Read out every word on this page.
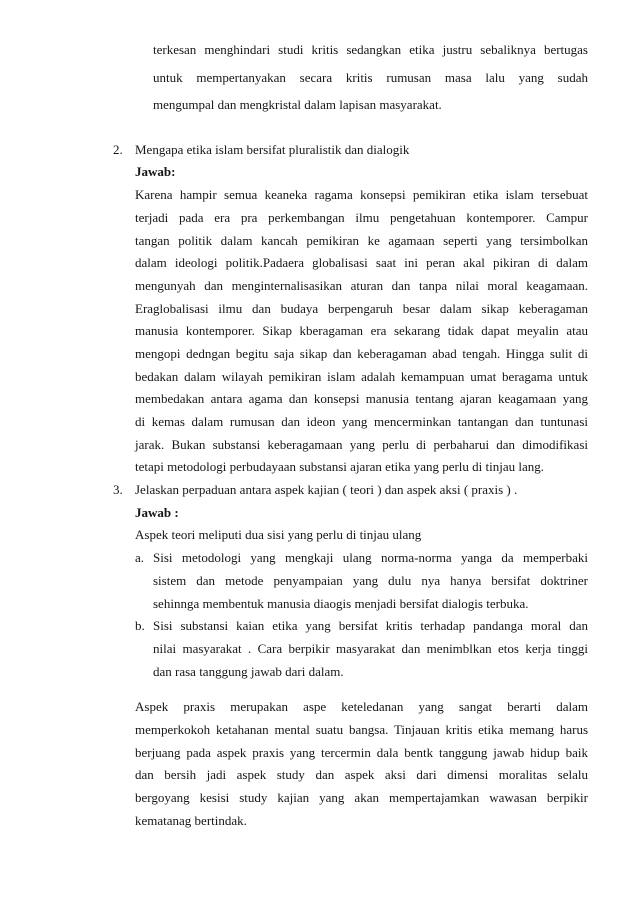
terkesan menghindari studi kritis sedangkan etika justru sebaliknya bertugas
untuk mempertanyakan secara kritis rumusan masa lalu yang sudah
mengumpal dan mengkristal dalam lapisan masyarakat.
2. Mengapa etika islam bersifat pluralistik dan dialogik
Jawab:
Karena hampir semua keaneka ragama konsepsi pemikiran etika islam tersebuat
terjadi pada era pra perkembangan ilmu pengetahuan kontemporer. Campur
tangan politik dalam kancah pemikiran ke agamaan seperti yang tersimbolkan
dalam ideologi politik.Padaera globalisasi saat ini peran akal pikiran di dalam
mengunyah dan menginternalisasikan aturan dan tanpa nilai moral keagamaan.
Eraglobalisasi ilmu dan budaya berpengaruh besar dalam sikap keberagaman
manusia kontemporer. Sikap kberagaman era sekarang tidak dapat meyalin atau
mengopi dedngan begitu saja sikap dan keberagaman abad tengah. Hingga sulit di
bedakan dalam wilayah pemikiran islam adalah kemampuan umat beragama untuk
membedakan antara agama dan konsepsi manusia tentang ajaran keagamaan yang
di kemas dalam rumusan dan ideon yang mencerminkan tantangan dan tuntunasi
jarak. Bukan substansi keberagamaan yang perlu di perbaharui dan dimodifikasi
tetapi metodologi perbudayaan substansi ajaran etika yang perlu di tinjau lang.
3. Jelaskan perpaduan antara aspek kajian ( teori ) dan aspek aksi ( praxis ) .
Jawab :
Aspek teori meliputi dua sisi yang perlu di tinjau ulang
a. Sisi metodologi yang mengkaji ulang norma-norma yanga da memperbaki
sistem dan metode penyampaian yang dulu nya hanya bersifat doktriner
sehinnga membentuk manusia diaogis menjadi bersifat dialogis terbuka.
b. Sisi substansi kaian etika yang bersifat kritis terhadap pandanga moral dan
nilai masyarakat . Cara berpikir masyarakat dan menimblkan etos kerja tinggi
dan rasa tanggung jawab dari dalam.
Aspek praxis merupakan aspe keteledanan yang sangat berarti dalam
memperkokoh ketahanan mental suatu bangsa. Tinjauan kritis etika memang harus
berjuang pada aspek praxis yang tercermin dala bentk tanggung jawab hidup baik
dan bersih jadi aspek study dan aspek aksi dari dimensi moralitas selalu
bergoyang kesisi study kajian yang akan mempertajamkan wawasan berpikir
kematanag bertindak.
